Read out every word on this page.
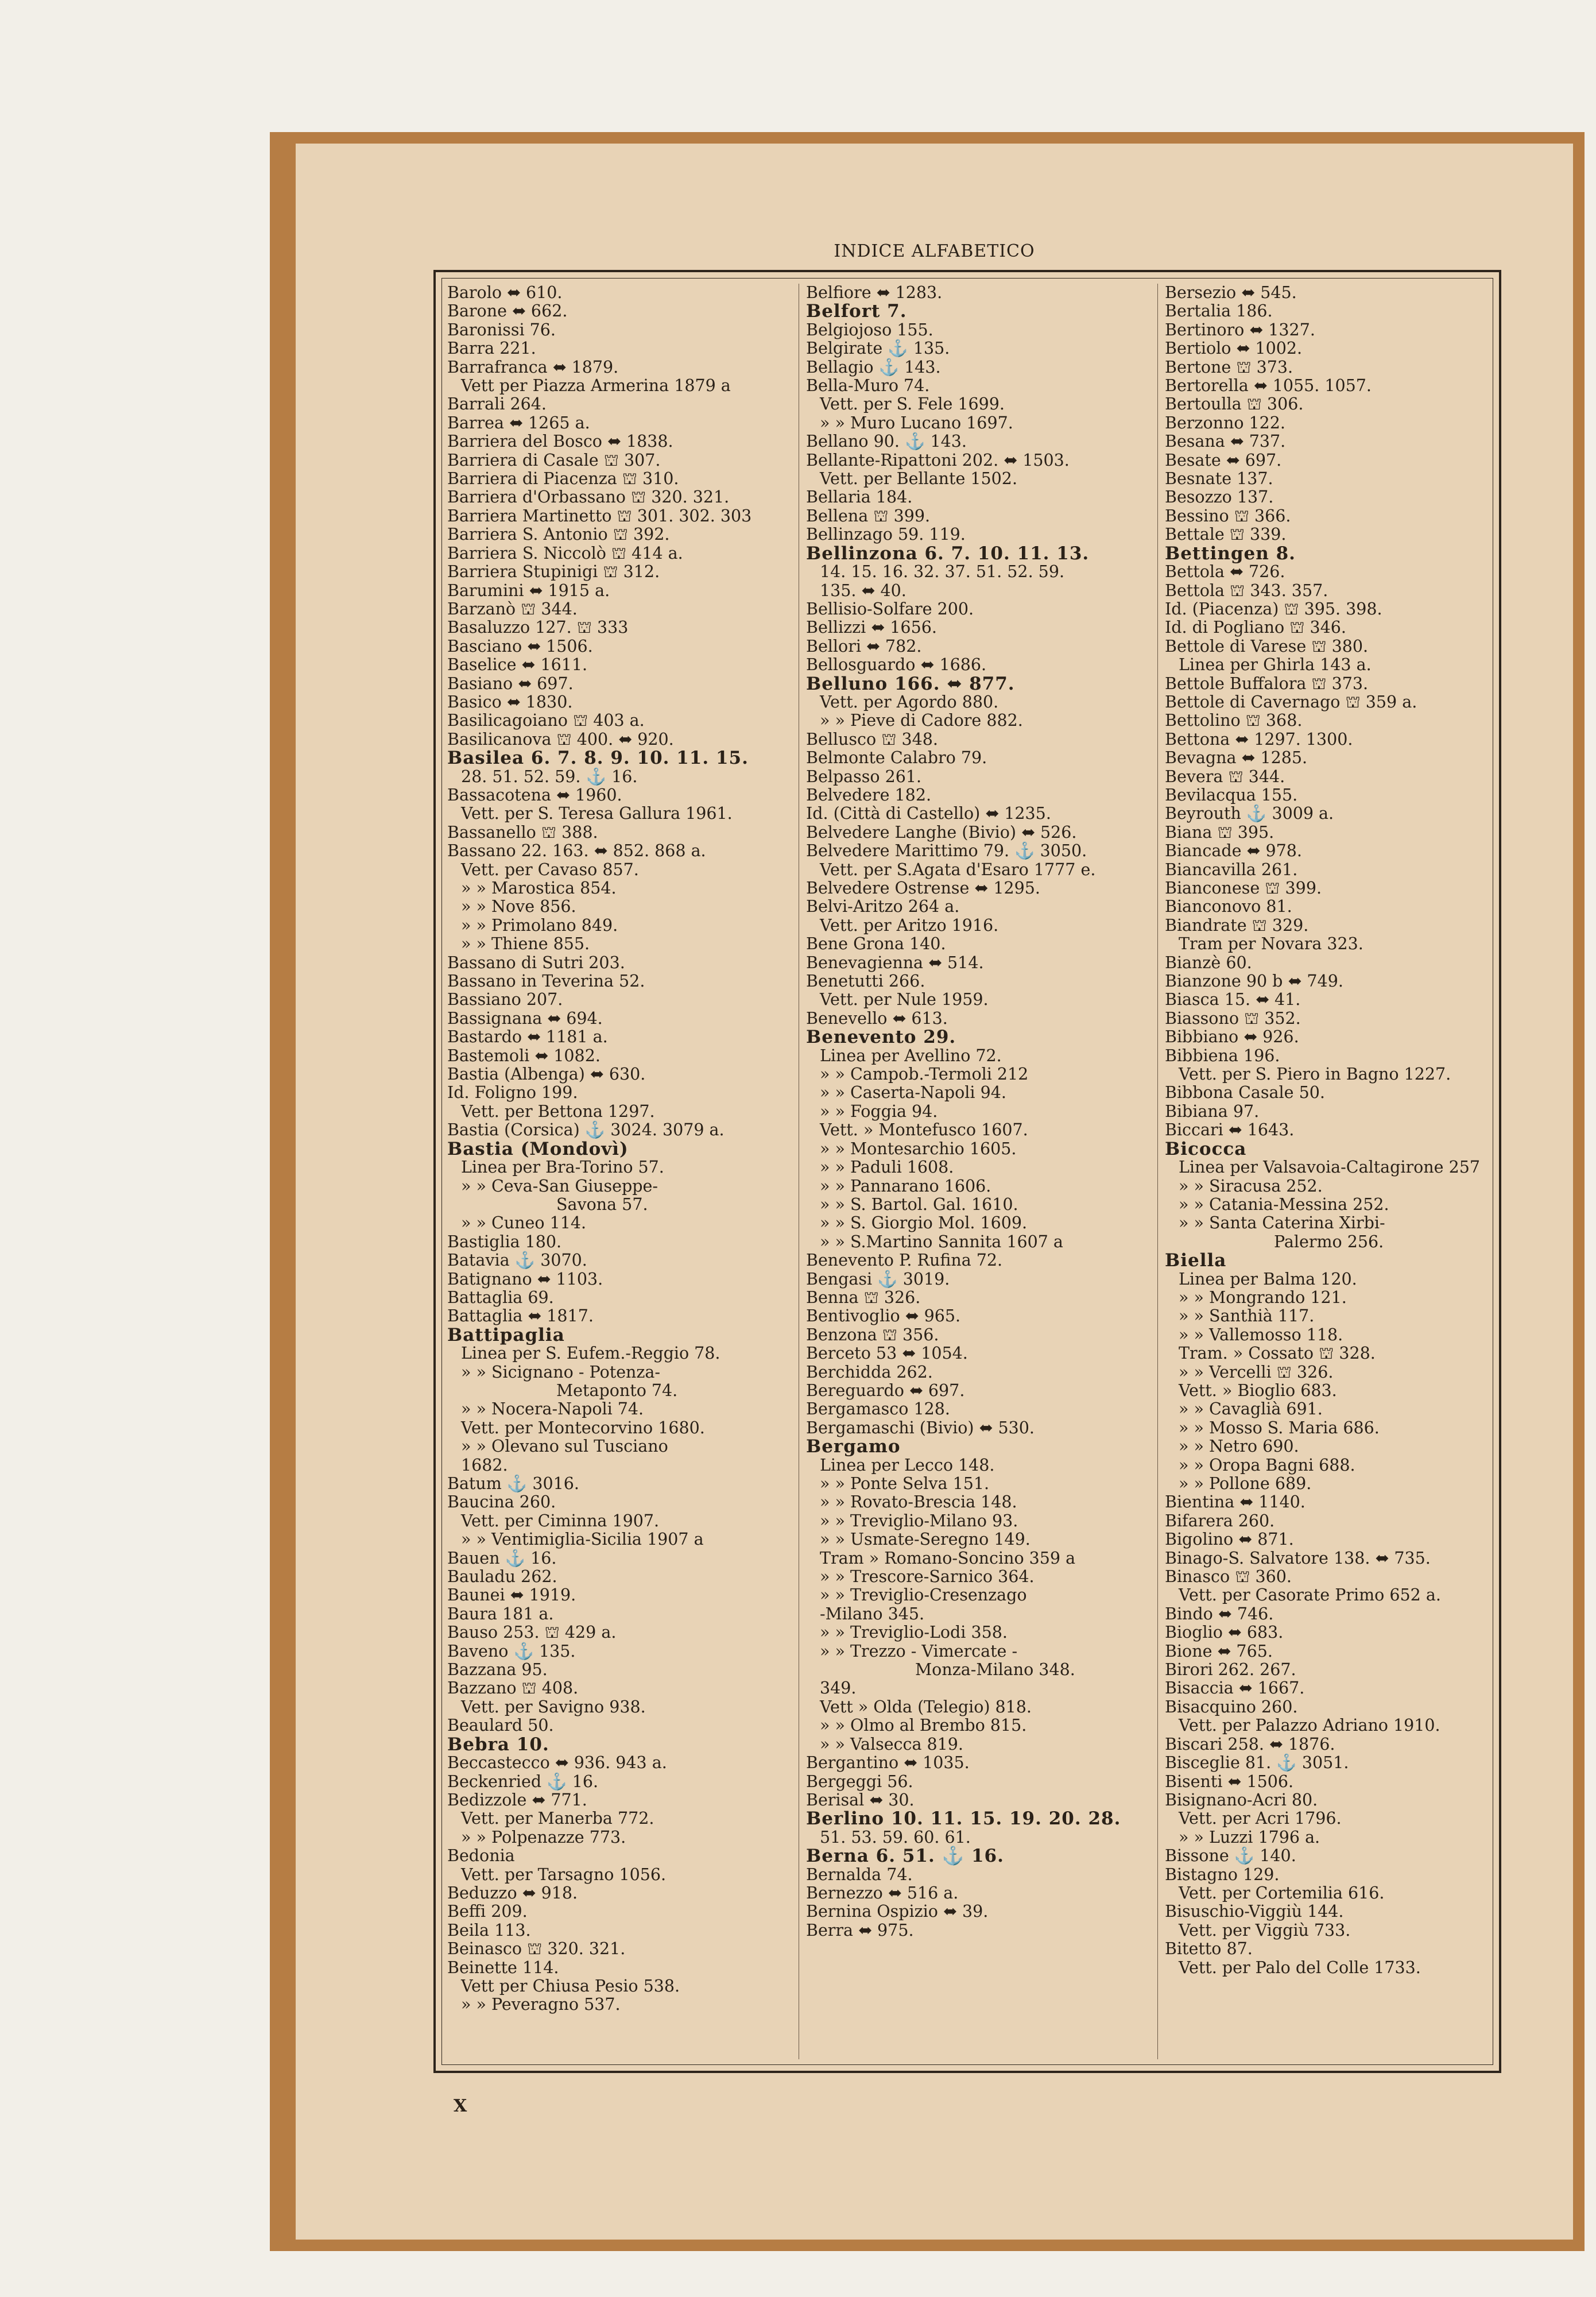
INDICE ALFABETICO
Barolo ⬌ 610.
Barone ⬌ 662.
Baronissi 76.
Barra 221.
Barrafranca ⬌ 1879.
Vett per Piazza Armerina 1879 a
Barrali 264.
Barrea ⬌ 1265 a.
Barriera del Bosco ⬌ 1838.
Barriera di Casale ⛫ 307.
Barriera di Piacenza ⛫ 310.
Barriera d'Orbassano ⛫ 320. 321.
Barriera Martinetto ⛫ 301. 302. 303
Barriera S. Antonio ⛫ 392.
Barriera S. Niccolò ⛫ 414 a.
Barriera Stupinigi ⛫ 312.
Barumini ⬌ 1915 a.
Barzanò ⛫ 344.
Basaluzzo 127. ⛫ 333
Basciano ⬌ 1506.
Baselice ⬌ 1611.
Basiano ⬌ 697.
Basico ⬌ 1830.
Basilicagoiano ⛫ 403 a.
Basilicanova ⛫ 400. ⬌ 920.
Basilea 6. 7. 8. 9. 10. 11. 15.
28. 51. 52. 59. ⚓ 16.
Bassacotena ⬌ 1960.
Vett. per S. Teresa Gallura 1961.
Bassanello ⛫ 388.
Bassano 22. 163. ⬌ 852. 868 a.
Vett. per Cavaso 857.
» » Marostica 854.
» » Nove 856.
» » Primolano 849.
» » Thiene 855.
Bassano di Sutri 203.
Bassano in Teverina 52.
Bassiano 207.
Bassignana ⬌ 694.
Bastardo ⬌ 1181 a.
Bastemoli ⬌ 1082.
Bastia (Albenga) ⬌ 630.
Id. Foligno 199.
Vett. per Bettona 1297.
Bastia (Corsica) ⚓ 3024. 3079 a.
Bastia (Mondovì)
Linea per Bra-Torino 57.
» » Ceva-San Giuseppe-
Savona 57.
» » Cuneo 114.
Bastiglia 180.
Batavia ⚓ 3070.
Batignano ⬌ 1103.
Battaglia 69.
Battaglia ⬌ 1817.
Battipaglia
Linea per S. Eufem.-Reggio 78.
» » Sicignano - Potenza-
Metaponto 74.
» » Nocera-Napoli 74.
Vett. per Montecorvino 1680.
» » Olevano sul Tusciano
1682.
Batum ⚓ 3016.
Baucina 260.
Vett. per Ciminna 1907.
» » Ventimiglia-Sicilia 1907 a
Bauen ⚓ 16.
Bauladu 262.
Baunei ⬌ 1919.
Baura 181 a.
Bauso 253. ⛫ 429 a.
Baveno ⚓ 135.
Bazzana 95.
Bazzano ⛫ 408.
Vett. per Savigno 938.
Beaulard 50.
Bebra 10.
Beccastecco ⬌ 936. 943 a.
Beckenried ⚓ 16.
Bedizzole ⬌ 771.
Vett. per Manerba 772.
» » Polpenazze 773.
Bedonia
Vett. per Tarsagno 1056.
Beduzzo ⬌ 918.
Beffi 209.
Beila 113.
Beinasco ⛫ 320. 321.
Beinette 114.
Vett per Chiusa Pesio 538.
» » Peveragno 537.
Belfiore ⬌ 1283.
Belfort 7.
Belgiojoso 155.
Belgirate ⚓ 135.
Bellagio ⚓ 143.
Bella-Muro 74.
Vett. per S. Fele 1699.
» » Muro Lucano 1697.
Bellano 90. ⚓ 143.
Bellante-Ripattoni 202. ⬌ 1503.
Vett. per Bellante 1502.
Bellaria 184.
Bellena ⛫ 399.
Bellinzago 59. 119.
Bellinzona 6. 7. 10. 11. 13.
14. 15. 16. 32. 37. 51. 52. 59.
135. ⬌ 40.
Bellisio-Solfare 200.
Bellizzi ⬌ 1656.
Bellori ⬌ 782.
Bellosguardo ⬌ 1686.
Belluno 166. ⬌ 877.
Vett. per Agordo 880.
» » Pieve di Cadore 882.
Bellusco ⛫ 348.
Belmonte Calabro 79.
Belpasso 261.
Belvedere 182.
Id. (Città di Castello) ⬌ 1235.
Belvedere Langhe (Bivio) ⬌ 526.
Belvedere Marittimo 79. ⚓ 3050.
Vett. per S.Agata d'Esaro 1777 e.
Belvedere Ostrense ⬌ 1295.
Belvi-Aritzo 264 a.
Vett. per Aritzo 1916.
Bene Grona 140.
Benevagienna ⬌ 514.
Benetutti 266.
Vett. per Nule 1959.
Benevello ⬌ 613.
Benevento 29.
Linea per Avellino 72.
» » Campob.-Termoli 212
» » Caserta-Napoli 94.
» » Foggia 94.
Vett. » Montefusco 1607.
» » Montesarchio 1605.
» » Paduli 1608.
» » Pannarano 1606.
» » S. Bartol. Gal. 1610.
» » S. Giorgio Mol. 1609.
» » S.Martino Sannita 1607 a
Benevento P. Rufina 72.
Bengasi ⚓ 3019.
Benna ⛫ 326.
Bentivoglio ⬌ 965.
Benzona ⛫ 356.
Berceto 53 ⬌ 1054.
Berchidda 262.
Bereguardo ⬌ 697.
Bergamasco 128.
Bergamaschi (Bivio) ⬌ 530.
Bergamo
Linea per Lecco 148.
» » Ponte Selva 151.
» » Rovato-Brescia 148.
» » Treviglio-Milano 93.
» » Usmate-Seregno 149.
Tram » Romano-Soncino 359 a
» » Trescore-Sarnico 364.
» » Treviglio-Cresenzago
-Milano 345.
» » Treviglio-Lodi 358.
» » Trezzo - Vimercate -
Monza-Milano 348.
349.
Vett » Olda (Telegio) 818.
» » Olmo al Brembo 815.
» » Valsecca 819.
Bergantino ⬌ 1035.
Bergeggi 56.
Berisal ⬌ 30.
Berlino 10. 11. 15. 19. 20. 28.
51. 53. 59. 60. 61.
Berna 6. 51. ⚓ 16.
Bernalda 74.
Bernezzo ⬌ 516 a.
Bernina Ospizio ⬌ 39.
Berra ⬌ 975.
Bersezio ⬌ 545.
Bertalia 186.
Bertinoro ⬌ 1327.
Bertiolo ⬌ 1002.
Bertone ⛫ 373.
Bertorella ⬌ 1055. 1057.
Bertoulla ⛫ 306.
Berzonno 122.
Besana ⬌ 737.
Besate ⬌ 697.
Besnate 137.
Besozzo 137.
Bessino ⛫ 366.
Bettale ⛫ 339.
Bettingen 8.
Bettola ⬌ 726.
Bettola ⛫ 343. 357.
Id. (Piacenza) ⛫ 395. 398.
Id. di Pogliano ⛫ 346.
Bettole di Varese ⛫ 380.
Linea per Ghirla 143 a.
Bettole Buffalora ⛫ 373.
Bettole di Cavernago ⛫ 359 a.
Bettolino ⛫ 368.
Bettona ⬌ 1297. 1300.
Bevagna ⬌ 1285.
Bevera ⛫ 344.
Bevilacqua 155.
Beyrouth ⚓ 3009 a.
Biana ⛫ 395.
Biancade ⬌ 978.
Biancavilla 261.
Bianconese ⛫ 399.
Bianconovo 81.
Biandrate ⛫ 329.
Tram per Novara 323.
Bianzè 60.
Bianzone 90 b ⬌ 749.
Biasca 15. ⬌ 41.
Biassono ⛫ 352.
Bibbiano ⬌ 926.
Bibbiena 196.
Vett. per S. Piero in Bagno 1227.
Bibbona Casale 50.
Bibiana 97.
Biccari ⬌ 1643.
Bicocca
Linea per Valsavoia-Caltagirone 257
» » Siracusa 252.
» » Catania-Messina 252.
» » Santa Caterina Xirbi-
Palermo 256.
Biella
Linea per Balma 120.
» » Mongrando 121.
» » Santhià 117.
» » Vallemosso 118.
Tram. » Cossato ⛫ 328.
» » Vercelli ⛫ 326.
Vett. » Bioglio 683.
» » Cavaglià 691.
» » Mosso S. Maria 686.
» » Netro 690.
» » Oropa Bagni 688.
» » Pollone 689.
Bientina ⬌ 1140.
Bifarera 260.
Bigolino ⬌ 871.
Binago-S. Salvatore 138. ⬌ 735.
Binasco ⛫ 360.
Vett. per Casorate Primo 652 a.
Bindo ⬌ 746.
Bioglio ⬌ 683.
Bione ⬌ 765.
Birori 262. 267.
Bisaccia ⬌ 1667.
Bisacquino 260.
Vett. per Palazzo Adriano 1910.
Biscari 258. ⬌ 1876.
Bisceglie 81. ⚓ 3051.
Bisenti ⬌ 1506.
Bisignano-Acri 80.
Vett. per Acri 1796.
» » Luzzi 1796 a.
Bissone ⚓ 140.
Bistagno 129.
Vett. per Cortemilia 616.
Bisuschio-Viggiù 144.
Vett. per Viggiù 733.
Bitetto 87.
Vett. per Palo del Colle 1733.
X
